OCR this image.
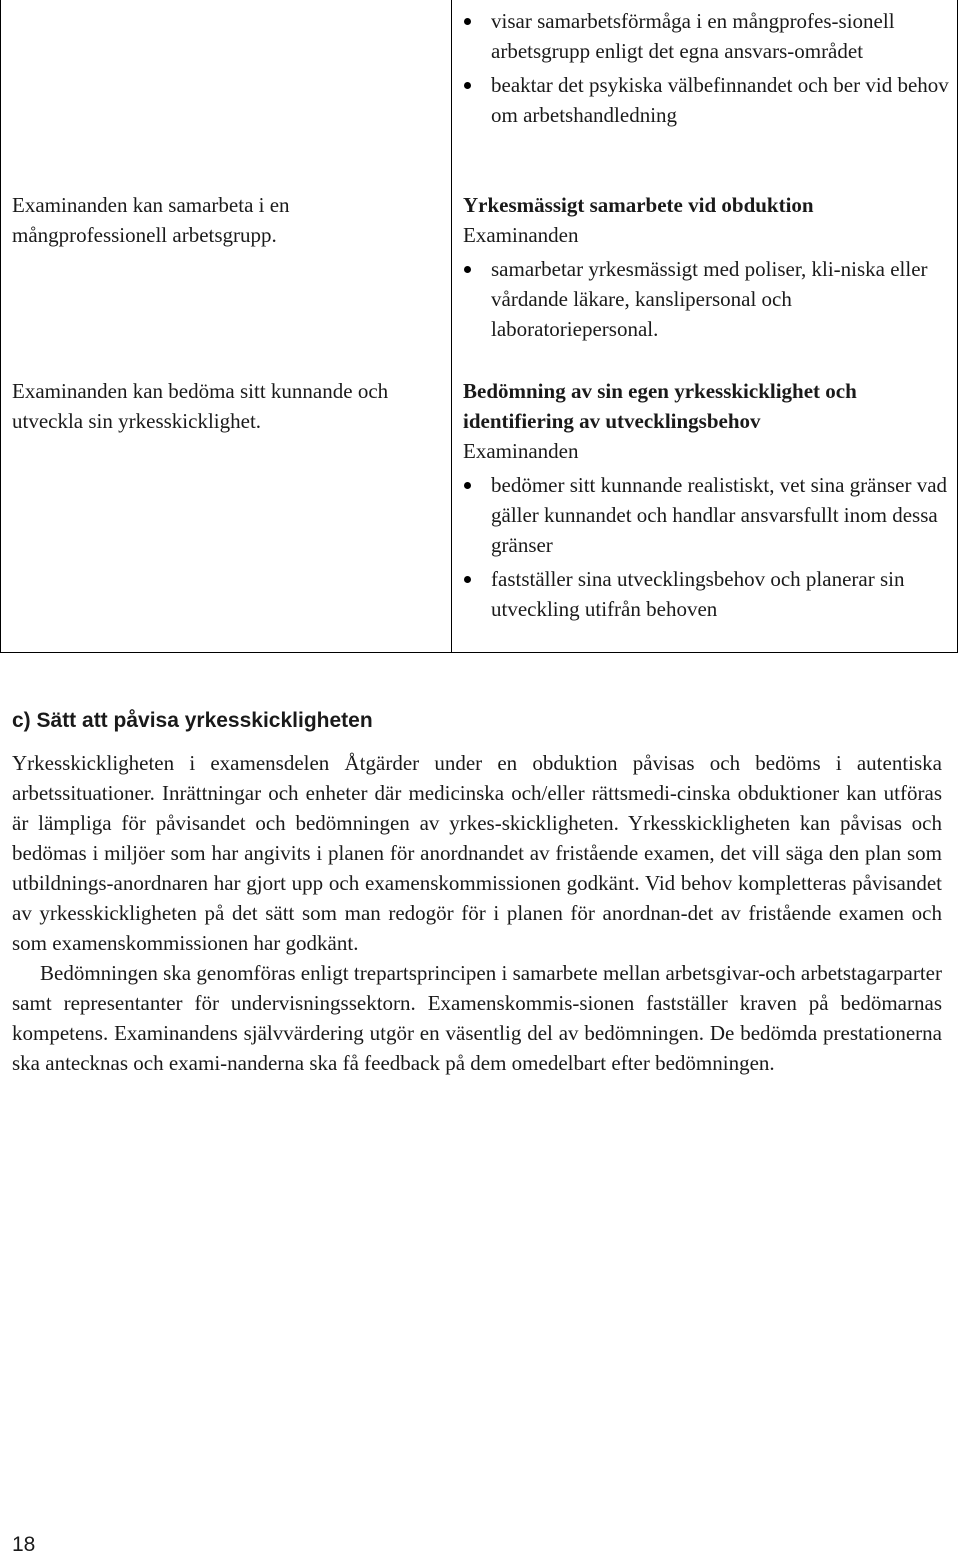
Examinanden kan samarbeta i en mångprofessionell arbetsgrupp.
Examinanden kan bedöma sitt kunnande och utveckla sin yrkesskicklighet.
visar samarbetsförmåga i en mångprofes-sionell arbetsgrupp enligt det egna ansvars-området
beaktar det psykiska välbefinnandet och ber vid behov om arbetshandledning
Yrkesmässigt samarbete vid obduktion
Examinanden
samarbetar yrkesmässigt med poliser, kli-niska eller vårdande läkare, kanslipersonal och laboratoriepersonal.
Bedömning av sin egen yrkesskicklighet och identifiering av utvecklingsbehov
Examinanden
bedömer sitt kunnande realistiskt, vet sina gränser vad gäller kunnandet och handlar ansvarsfullt inom dessa gränser
fastställer sina utvecklingsbehov och planerar sin utveckling utifrån behoven
c) Sätt att påvisa yrkesskickligheten

Yrkesskickligheten i examensdelen Åtgärder under en obduktion påvisas och bedöms i autentiska arbetssituationer. Inrättningar och enheter där medicinska och/eller rättsmedi-cinska obduktioner kan utföras är lämpliga för påvisandet och bedömningen av yrkes-skickligheten. Yrkesskickligheten kan påvisas och bedömas i miljöer som har angivits i planen för anordnandet av fristående examen, det vill säga den plan som utbildnings-anordnaren har gjort upp och examenskommissionen godkänt. Vid behov kompletteras påvisandet av yrkesskickligheten på det sätt som man redogör för i planen för anordnan-det av fristående examen och som examenskommissionen har godkänt.

Bedömningen ska genomföras enligt trepartsprincipen i samarbete mellan arbetsgivar-och arbetstagarparter samt representanter för undervisningssektorn. Examenskommis-sionen fastställer kraven på bedömarnas kompetens. Examinandens självvärdering utgör en väsentlig del av bedömningen. De bedömda prestationerna ska antecknas och exami-nanderna ska få feedback på dem omedelbart efter bedömningen.

18
